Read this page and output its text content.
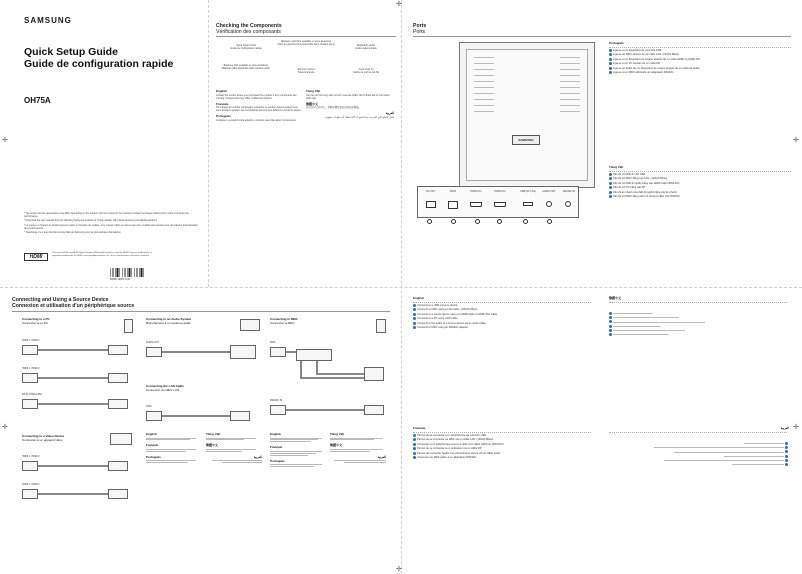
✛	✛
✛	✛
✛
✛
SAMSUNG
Quick Setup Guide
Guide de configuration rapide
OH75A
* The colour and the appearance may differ depending on the product, and the content in the manual is subject to change without prior notice to improve the performance.
* Download the user manual from the following Samsung website for further details. http://www.samsung.com/displaysolutions
* La couleur et l'aspect du produit peuvent varier en fonction du modèle, et le contenu dans le manuel peut être modifié sans préavis pour des raisons d'amélioration des performances.
* Téléchargez le mode d'emploi du site Web de Samsung pour de plus amples informations.
HDMI
The terms HDMI and HDMI High-Definition Multimedia Interface, and the HDMI Logo are trademarks or registered trademarks of HDMI Licensing Administrator, Inc. in the United States and other countries.
BN68-13907A-00
Checking the Components
Vérification des composants
Quick Setup Guide
Guide de configuration rapide
Warranty card (Not available in some locations)
Carte de garantie (Non disponible dans certains pays)	Regulatory guide
Guide réglementaire
Batteries (Not available in some locations)
Batteries (Non disponible dans certains pays)	Remote Control
Télécommande
Cover-Cap for
Cache du port de la LSA
English
Contact the vendor where you purchased the product if any components are missing. Components may differ in different locations.
Français
S'il manque le moindre composant, contactez le vendeur auprès duquel vous avez acheté le produit. Les composants peuvent être différents suivant la région.
Português
Contacte o vendedor onde adquiriu o produto caso falte algum componente.
Tiếng Việt
Liên hệ với nhà cung cấp nơi bạn mua sản phẩm nếu bị thiếu bất cứ các thành phần nào.
繁體中文
如有任何元件遺失，請與您購買產品的經銷商聯絡。
العربية
اتصل بالبائع الذي اشتريت منه المنتج إذا كانت هناك أية مكونات مفقودة.
Ports
Ports
SAMSUNG
DC OUT	RJ45	HDMI IN 1	HDMI IN 2	USB (5V 1.5A)	AUDIO OUT	RS232C IN
Português
Liga-se a um dispositivo de memória USB.
Liga-se ao MDC através de um cabo LAN. (10/100 Mbps)
Liga-se a um dispositivo de origem através de um cabo HDMI ou HDMI-DVI.
Liga-se a um PC através de um cabo DP.
Liga-se ao áudio de um dispositivo de origem através de um cabo de áudio.
Liga-se a um MDC utilizando um adaptador RS232C.
Tiếng Việt
Kết nối với thiết bị nhớ USB.
Kết nối với MDC bằng cáp LAN. (10/100 Mbps)
Kết nối với thiết bị nguồn bằng cáp HDMI hoặc HDMI-DVI.
Kết nối với PC bằng cáp DP.
Kết nối âm thanh của thiết bị nguồn bằng cáp âm thanh.
Kết nối với MDC bằng cách sử dụng bộ điều hợp RS232C.
Connecting and Using a Source Device
Connexion et utilisation d'un périphérique source
Connecting to a PC
Connexion à un PC
HDMI 1, HDMI 2
HDMI 1, HDMI 2
DP IN (USB-C/PD)
Connecting to a Video Device
Connexion à un appareil vidéo
HDMI 1, HDMI 2
HDMI 1, HDMI 2
Connecting to an Audio System
Branchement à un système audio
AUDIO OUT
Connecting the LAN Cable
Connexion du câble LAN
RJ45
English
Français
Português
Tiếng Việt
繁體中文
العربية
Connecting to MDC
Connexion à MDC
RJ45
RS232C IN
English
Français
Português
Tiếng Việt
繁體中文
العربية
English
Connects to a USB memory device.
Connects to MDC using a LAN cable. (10/100 Mbps)
Connects to a source device using an HDMI cable or HDMI-DVI cable.
Connects to a PC using a DP cable.
Connects to the audio of a source device via an audio cable.
Connects to MDC using an RS232C adapter.
繁體中文
Français
Permet de se connecter à un périphérique de mémoire USB.
Permet de se connecter au MDC via un câble LAN. (10/100 Mbps)
Connectez à un périphérique source à l'aide d'un câble HDMI ou HDMI-DVI.
Permet de se connecter à un ordinateur via un câble DP.
Permet de connecter l'audio d'un périphérique source via un câble audio.
Connexion au MDC grâce à un adaptateur RS232C.
العربية
